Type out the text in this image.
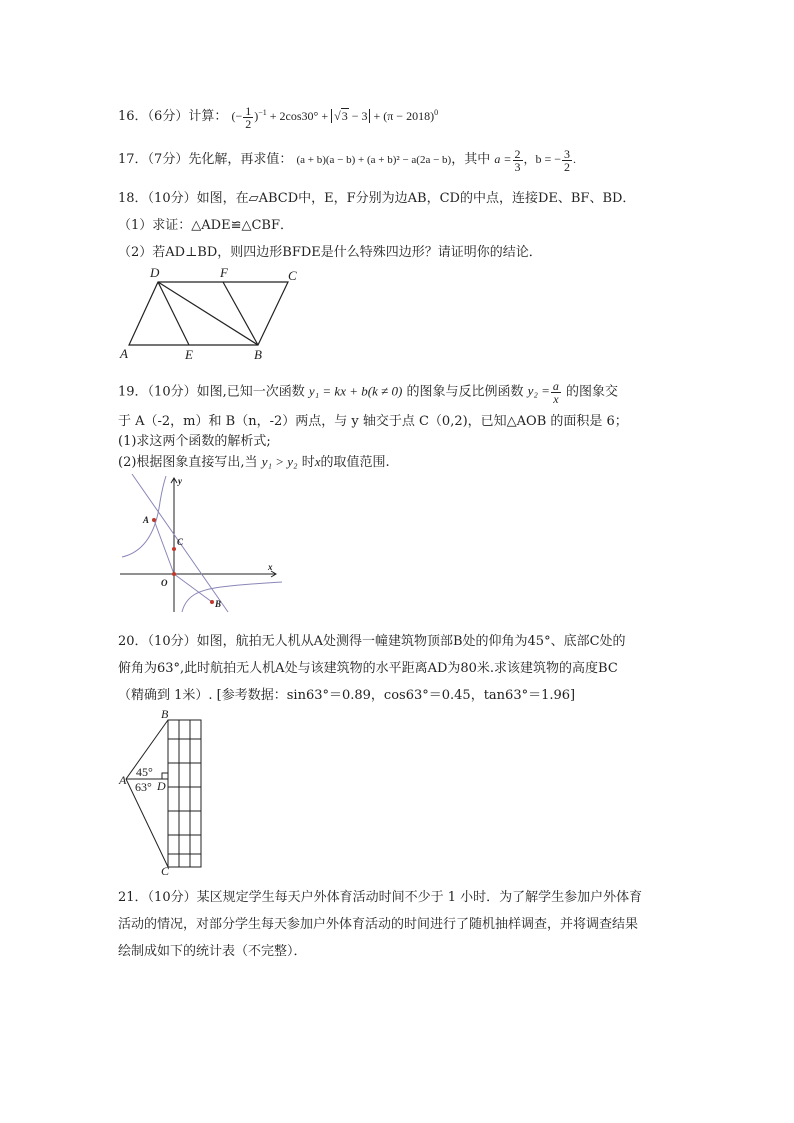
16．（6分）计算： (− $\frac{1}{2} )^{-1} + 2\cos 30^\circ + √3 - 3 + (\pi - 2018)^0$
17．（7分）先化解，再求值： (a + b)(a − b) + (a + b)² − a(2a − b)，其中 $a = \frac{2}{3}$ ，b = − $\frac{3}{2}$ .
18．（10分）如图，在▱ABCD中，E，F分别为边AB，CD的中点，连接DE、BF、BD．
（1）求证：△ADE≌△CBF．
（2）若AD⊥BD，则四边形BFDE是什么特殊四边形？请证明你的结论．
D	F	C
A	E	B
19．（10分）如图,已知一次函数 y₁ = kx + b(k ≠ 0) 的图象与反比例函数 $y_2 = \frac{a}{x}$ 的图象交
于 A（-2，m）和 B（n，-2）两点，与 y 轴交于点 C（0,2)，已知△AOB 的面积是 6；
(1)求这两个函数的解析式;
(2)根据图象直接写出,当 y₁ > y₂ 时x的取值范围.
A
C
O
B
x
y
20．（10分）如图，航拍无人机从A处测得一幢建筑物顶部B处的仰角为45°、底部C处的
俯角为63°,此时航拍无人机A处与该建筑物的水平距离AD为80米.求该建筑物的高度BC
（精确到 1米）. [参考数据：sin63°＝0.89，cos63°＝0.45，tan63°＝1.96]
B
A	D
C
45°
63°
21．（10分）某区规定学生每天户外体育活动时间不少于 1 小时．为了解学生参加户外体育
活动的情况，对部分学生每天参加户外体育活动的时间进行了随机抽样调查，并将调查结果
绘制成如下的统计表（不完整）．
